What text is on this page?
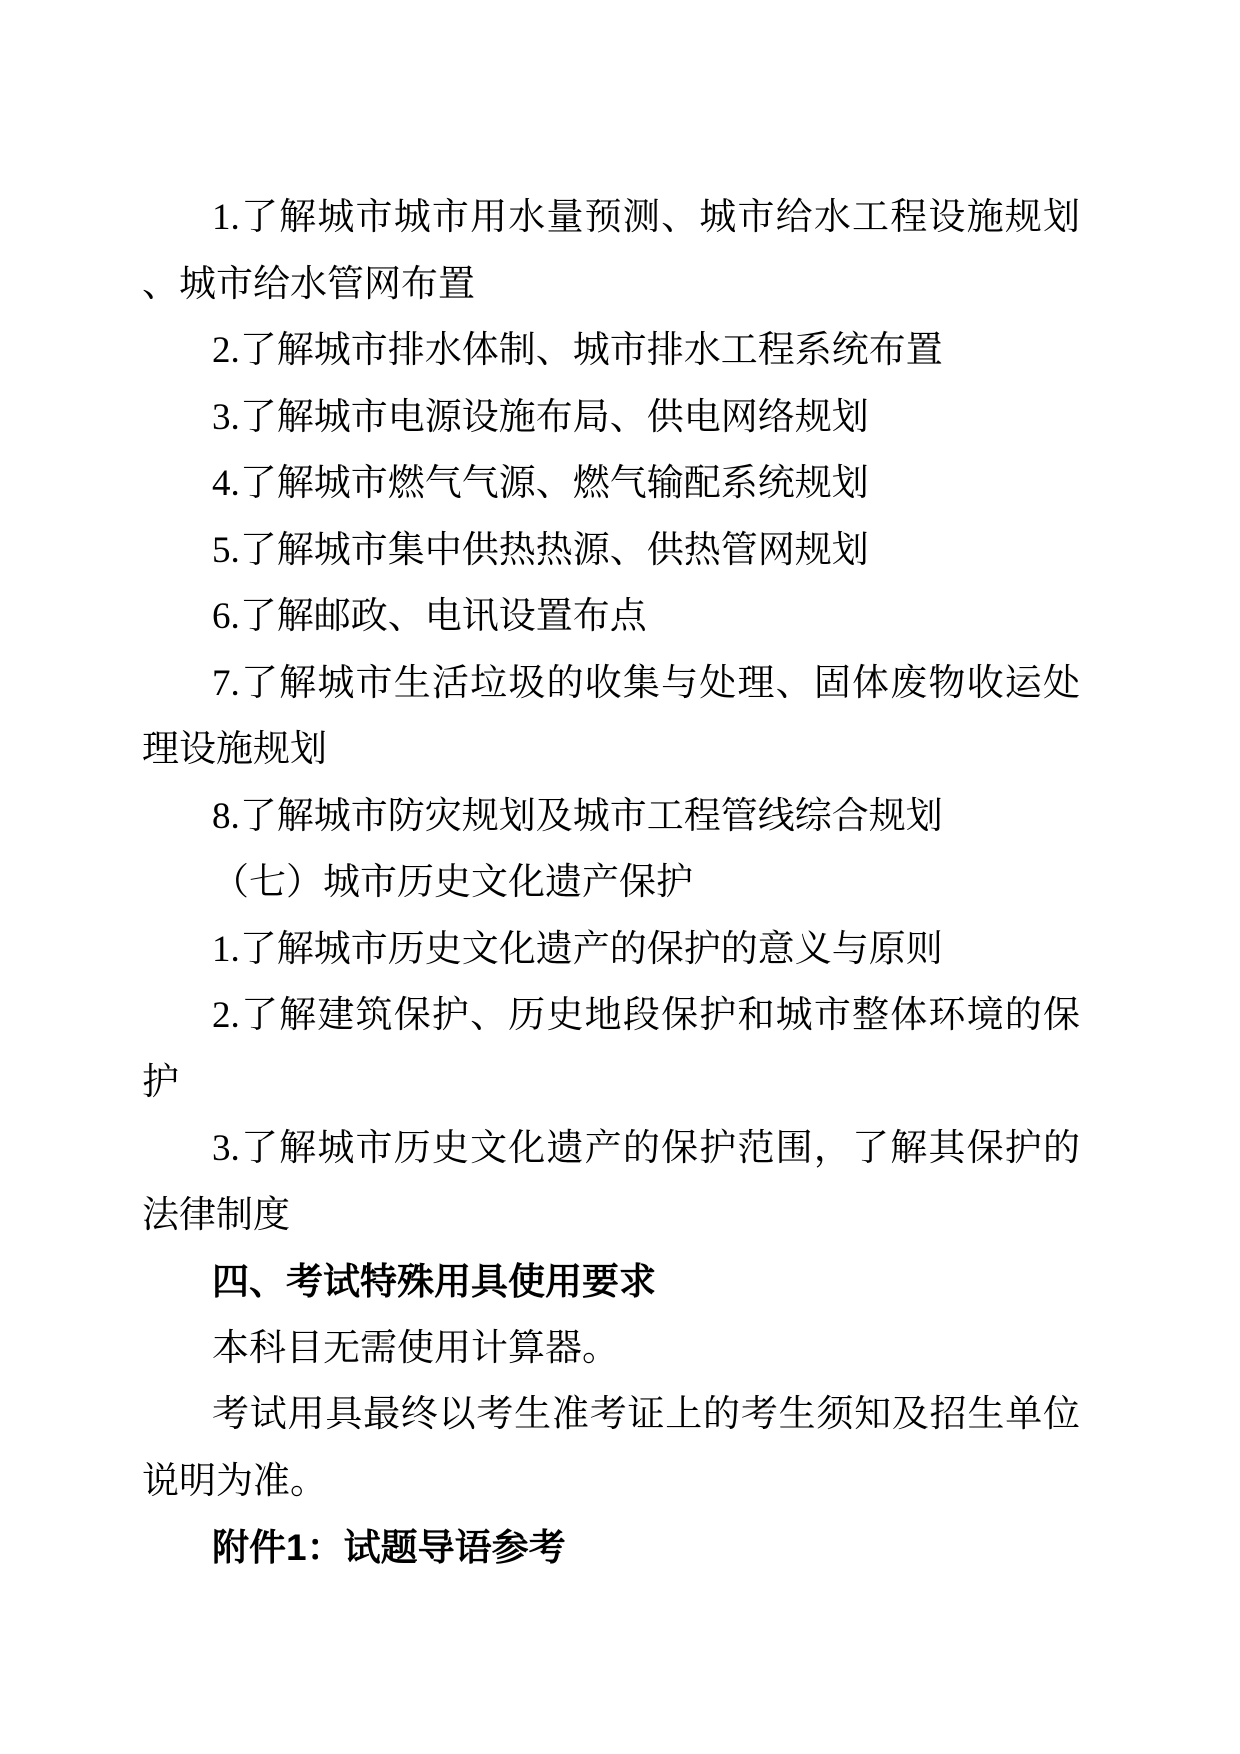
1.了解城市城市用水量预测、城市给水工程设施规划
、城市给水管网布置
2.了解城市排水体制、城市排水工程系统布置
3.了解城市电源设施布局、供电网络规划
4.了解城市燃气气源、燃气输配系统规划
5.了解城市集中供热热源、供热管网规划
6.了解邮政、电讯设置布点
7.了解城市生活垃圾的收集与处理、固体废物收运处
理设施规划
8.了解城市防灾规划及城市工程管线综合规划
（七）城市历史文化遗产保护
1.了解城市历史文化遗产的保护的意义与原则
2.了解建筑保护、历史地段保护和城市整体环境的保
护
3.了解城市历史文化遗产的保护范围，了解其保护的
法律制度
四、考试特殊用具使用要求
本科目无需使用计算器。
考试用具最终以考生准考证上的考生须知及招生单位
说明为准。
附件1：试题导语参考
